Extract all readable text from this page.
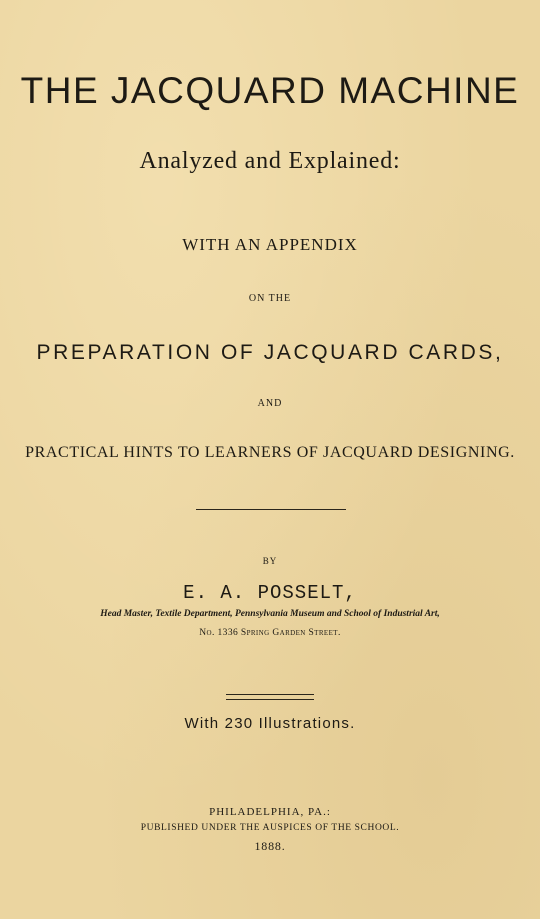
THE JACQUARD MACHINE
Analyzed and Explained:
WITH AN APPENDIX
ON THE
PREPARATION OF JACQUARD CARDS,
AND
PRACTICAL HINTS TO LEARNERS OF JACQUARD DESIGNING.
BY
E. A. POSSELT,
Head Master, Textile Department, Pennsylvania Museum and School of Industrial Art,
No. 1336 Spring Garden Street.
With 230 Illustrations.
PHILADELPHIA, PA.:
PUBLISHED UNDER THE AUSPICES OF THE SCHOOL.
1888.
